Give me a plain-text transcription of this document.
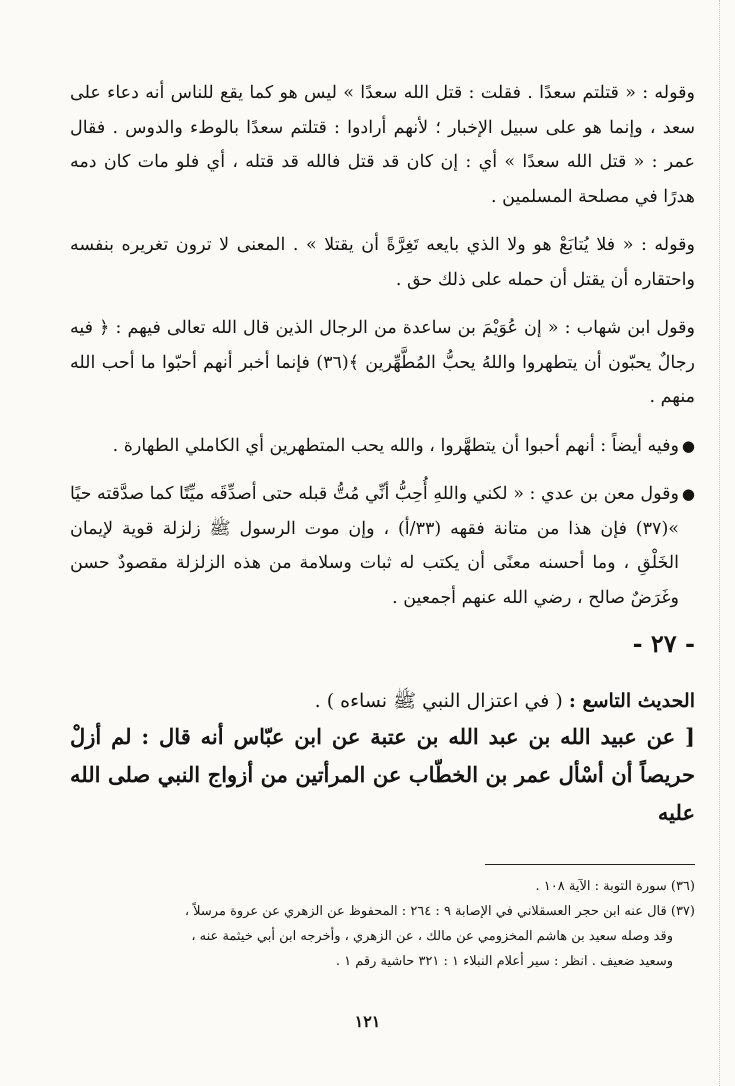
وقوله : « قتلتم سعدًا . فقلت : قتل الله سعدًا » ليس هو كما يقع للناس أنه دعاء على سعد ، وإنما هو على سبيل الإخبار ؛ لأنهم أرادوا : قتلتم سعدًا بالوطء والدوس . فقال عمر : « قتل الله سعدًا » أي : إن كان قد قتل فالله قد قتله ، أي فلو مات كان دمه هدرًا في مصلحة المسلمين .

وقوله : « فلا يُتابَعْ هو ولا الذي بايعه تَغِرَّةً أن يقتلا » . المعنى لا ترون تغريره بنفسه واحتقاره أن يقتل أن حمله على ذلك حق .

وقول ابن شهاب : « إن عُوَيْمَ بن ساعدة من الرجال الذين قال الله تعالى فيهم : ﴿ فيه رجالٌ يحبّون أن يتطهروا واللهُ يحبُّ المُطَّهِّرين ﴾(٣٦) فإنما أخبر أنهم أحبّوا ما أحب الله منهم .

●
وفيه أيضاً : أنهم أحبوا أن يتطهَّروا ، والله يحب المتطهرين أي الكاملي الطهارة .

●
وقول معن بن عدي : « لكني واللهِ أُحِبُّ أنِّي مُتُّ قبله حتى أصدِّقَه ميِّتًا كما صدَّقته حيًا »(٣٧) فإن هذا من متانة فقهه (٣٣/أ) ، وإن موت الرسول ﷺ زلزلة قوية لإيمان الخَلْقِ ، وما أحسنه معنًى أن يكتب له ثبات وسلامة من هذه الزلزلة مقصودٌ حسن وغَرَضٌ صالح ، رضي الله عنهم أجمعين .

- ٢٧ -

الحديث التاسع : ( في اعتزال النبي ﷺ نساءه ) .

[ عن عبيد الله بن عبد الله بن عتبة عن ابن عبّاس أنه قال : لم أزلْ حريصاً أن أسْأل عمر بن الخطّاب عن المرأتين من أزواج النبي صلى الله عليه

(٣٦) سورة التوبة : الآية ١٠٨ .

(٣٧) قال عنه ابن حجر العسقلاني في الإصابة ٩ : ٢٦٤ : المحفوظ عن الزهري عن عروة مرسلاً ،

وقد وصله سعيد بن هاشم المخزومي عن مالك ، عن الزهري ، وأخرجه ابن أبي خيثمة عنه ،

وسعيد ضعيف . انظر : سير أعلام النبلاء ١ : ٣٢١ حاشية رقم ١ .

١٢١
